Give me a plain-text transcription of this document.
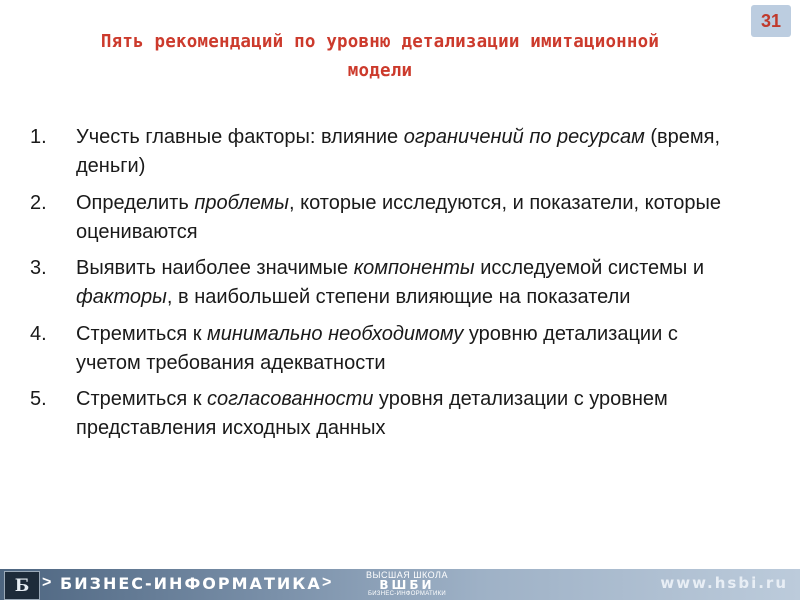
31
Пять рекомендаций по уровню детализации имитационной
модели
1.	Учесть главные факторы: влияние ограничений по ресурсам (время, деньги)
2.	Определить проблемы, которые исследуются, и показатели, которые оцениваются
3.	Выявить наиболее значимые компоненты исследуемой системы и факторы, в наибольшей степени влияющие на показатели
4.	Стремиться к минимально необходимому уровню детализации с учетом требования адекватности
5.	Стремиться к согласованности уровня детализации с уровнем представления исходных данных
Б > БИЗНЕС-ИНФОРМАТИКА >	ВЫСШАЯ ШКОЛА
ВШБИ
БИЗНЕС-ИНФОРМАТИКИ
www.hsbi.ru
